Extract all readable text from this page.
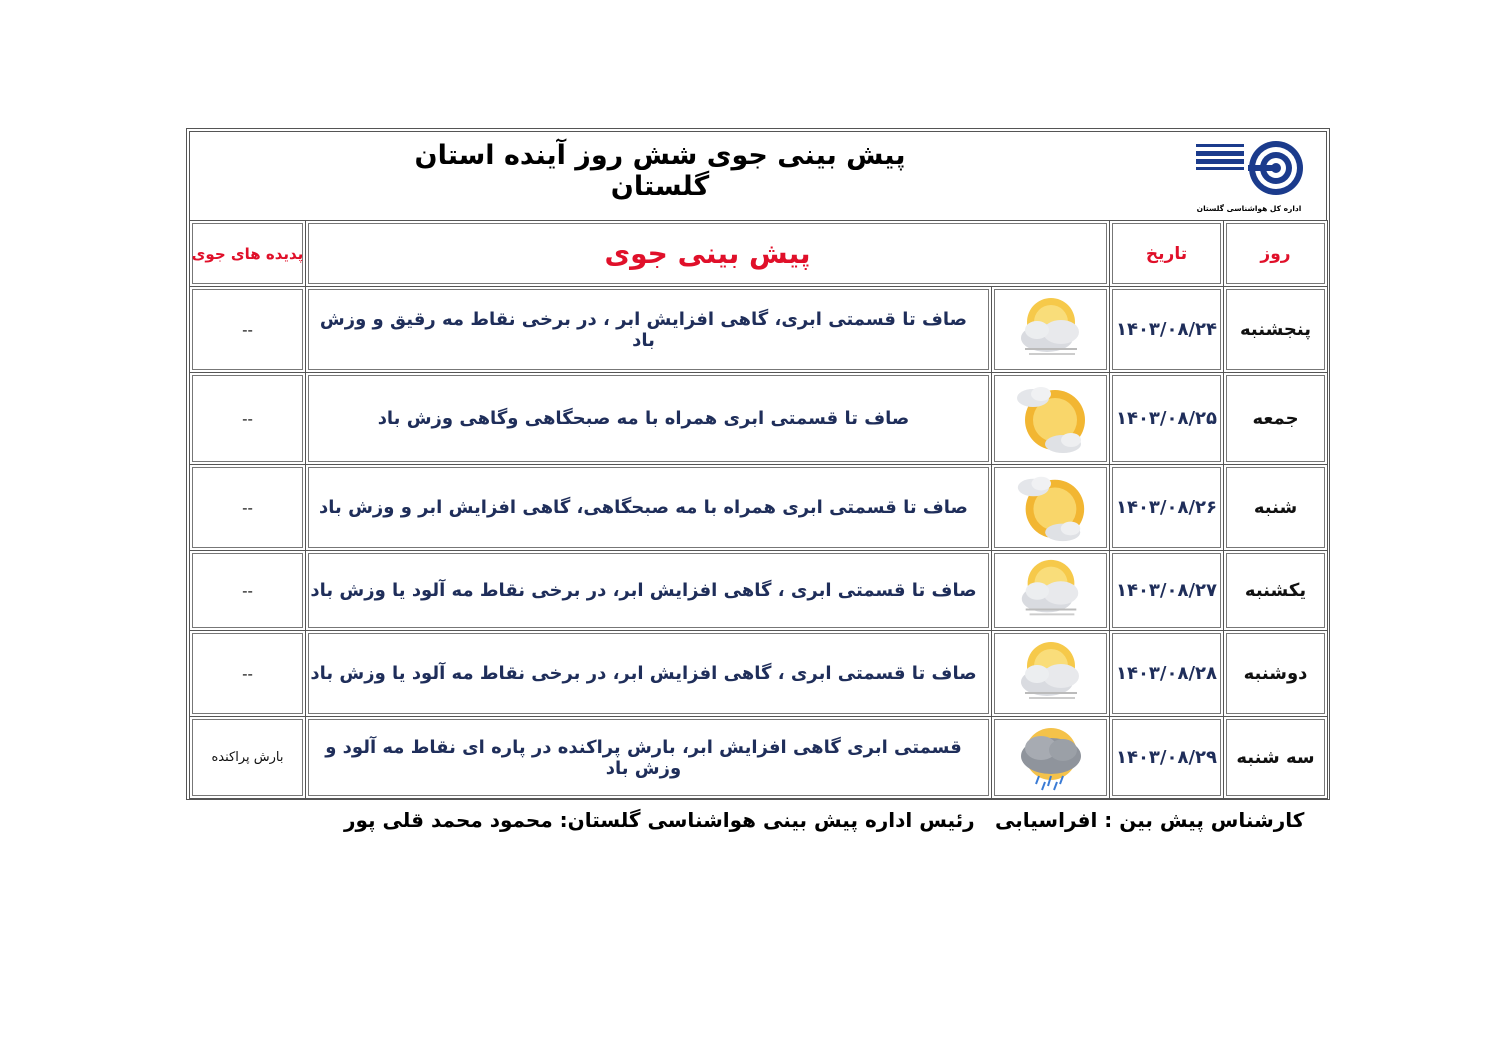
پیش بینی جوی شش روز آینده استان گلستان
اداره کل هواشناسی گلستان
روز	تاریخ	پیش بینی جوی		پدیده های جوی
پنجشنبه	۱۴۰۳/۰۸/۲۴		صاف تا قسمتی ابری، گاهی افزایش ابر ، در برخی نقاط مه رقیق و وزش باد	--
جمعه	۱۴۰۳/۰۸/۲۵		صاف تا قسمتی ابری همراه با مه صبحگاهی وگاهی وزش باد	--
شنبه	۱۴۰۳/۰۸/۲۶		صاف تا قسمتی ابری همراه با مه صبحگاهی، گاهی افزایش ابر و وزش باد	--
یکشنبه	۱۴۰۳/۰۸/۲۷		صاف تا قسمتی ابری ، گاهی افزایش ابر، در برخی نقاط مه آلود یا وزش باد	--
دوشنبه	۱۴۰۳/۰۸/۲۸		صاف تا قسمتی ابری ، گاهی افزایش ابر، در برخی نقاط مه آلود یا وزش باد	--
سه شنبه	۱۴۰۳/۰۸/۲۹		قسمتی ابری گاهی افزایش ابر، بارش پراکنده در پاره ای نقاط مه آلود و وزش باد	بارش پراکنده
کارشناس پیش بین : افراسیابی
رئیس اداره پیش بینی هواشناسی گلستان: محمود محمد قلی پور
